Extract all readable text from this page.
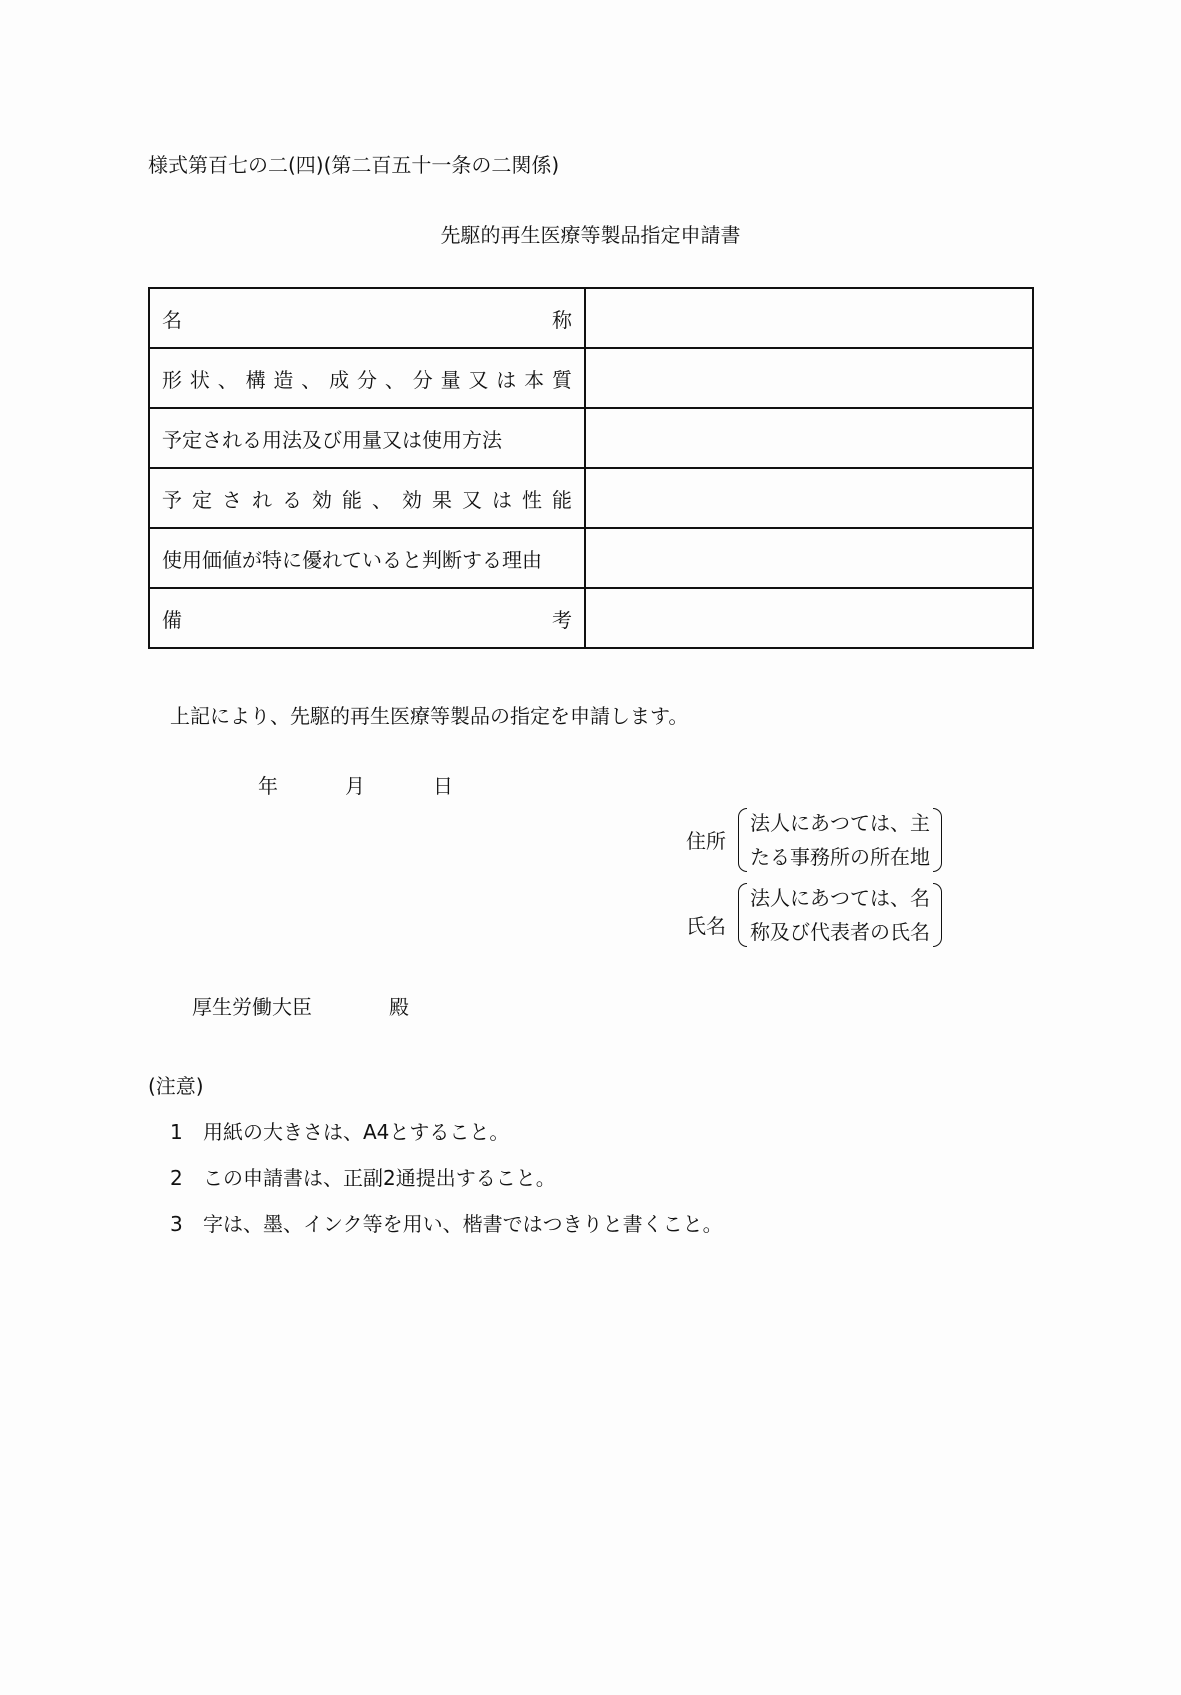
様式第百七の二(四)(第二百五十一条の二関係)
先駆的再生医療等製品指定申請書
名 称	

形状、構造、成分、分量又は本質	

予定される用法及び用量又は使用方法	

予定される効能、効果又は性能	

使用価値が特に優れていると判断する理由	

備 考	

上記により、先駆的再生医療等製品の指定を申請します。
年	月	日
住所
法人にあつては、主
たる事務所の所在地
氏名
法人にあつては、名
称及び代表者の氏名
厚生労働大臣	殿
(注意)
1 用紙の大きさは、A4とすること。
2 この申請書は、正副2通提出すること。
3 字は、墨、インク等を用い、楷書ではつきりと書くこと。
